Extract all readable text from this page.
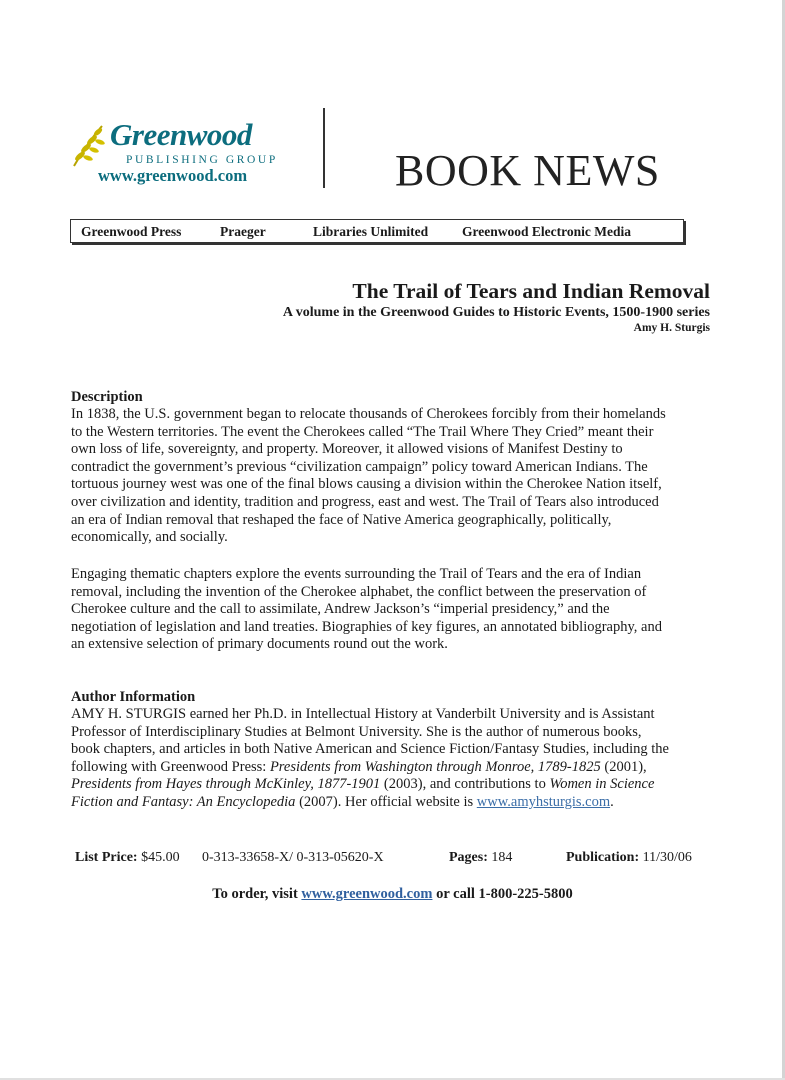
Greenwood
PUBLISHING GROUP
www.greenwood.com	BOOK NEWS
Greenwood Press	Praeger	Libraries Unlimited	Greenwood Electronic Media
The Trail of Tears and Indian Removal
A volume in the Greenwood Guides to Historic Events, 1500-1900 series
Amy H. Sturgis
Description
In 1838, the U.S. government began to relocate thousands of Cherokees forcibly from their homelands
to the Western territories. The event the Cherokees called “The Trail Where They Cried” meant their
own loss of life, sovereignty, and property. Moreover, it allowed visions of Manifest Destiny to
contradict the government’s previous “civilization campaign” policy toward American Indians. The
tortuous journey west was one of the final blows causing a division within the Cherokee Nation itself,
over civilization and identity, tradition and progress, east and west. The Trail of Tears also introduced
an era of Indian removal that reshaped the face of Native America geographically, politically,
economically, and socially.
Engaging thematic chapters explore the events surrounding the Trail of Tears and the era of Indian
removal, including the invention of the Cherokee alphabet, the conflict between the preservation of
Cherokee culture and the call to assimilate, Andrew Jackson’s “imperial presidency,” and the
negotiation of legislation and land treaties. Biographies of key figures, an annotated bibliography, and
an extensive selection of primary documents round out the work.
Author Information
AMY H. STURGIS earned her Ph.D. in Intellectual History at Vanderbilt University and is Assistant
Professor of Interdisciplinary Studies at Belmont University. She is the author of numerous books,
book chapters, and articles in both Native American and Science Fiction/Fantasy Studies, including the
following with Greenwood Press: Presidents from Washington through Monroe, 1789-1825 (2001),
Presidents from Hayes through McKinley, 1877-1901 (2003), and contributions to Women in Science
Fiction and Fantasy: An Encyclopedia (2007). Her official website is www.amyhsturgis.com.
List Price: $45.00 0-313-33658-X/ 0-313-05620-X	Pages: 184	Publication: 11/30/06
To order, visit www.greenwood.com or call 1-800-225-5800
